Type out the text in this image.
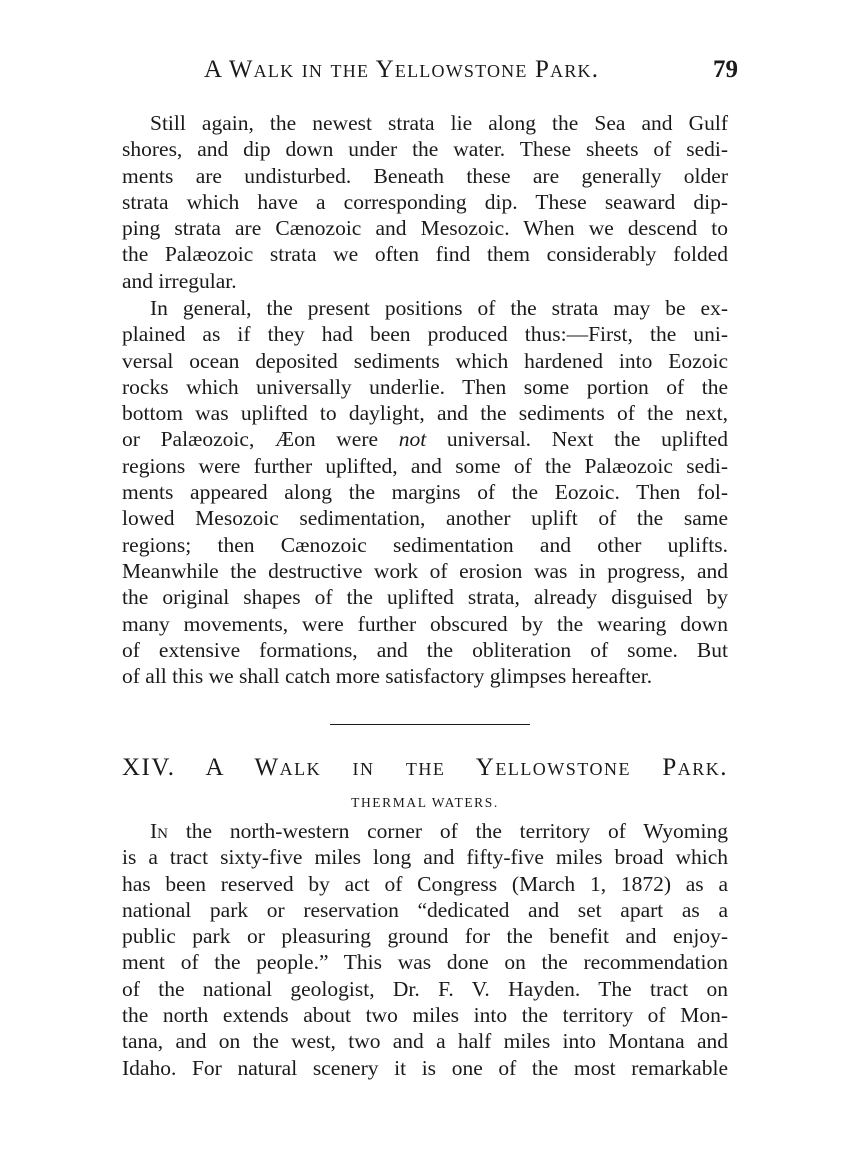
A Walk in the Yellowstone Park.	79
Still again, the newest strata lie along the Sea and Gulf
shores, and dip down under the water. These sheets of sedi-
ments are undisturbed. Beneath these are generally older
strata which have a corresponding dip. These seaward dip-
ping strata are Cænozoic and Mesozoic. When we descend to
the Palæozoic strata we often find them considerably folded
and irregular.
In general, the present positions of the strata may be ex-
plained as if they had been produced thus:—First, the uni-
versal ocean deposited sediments which hardened into Eozoic
rocks which universally underlie. Then some portion of the
bottom was uplifted to daylight, and the sediments of the next,
or Palæozoic, Æon were not universal. Next the uplifted
regions were further uplifted, and some of the Palæozoic sedi-
ments appeared along the margins of the Eozoic. Then fol-
lowed Mesozoic sedimentation, another uplift of the same
regions; then Cænozoic sedimentation and other uplifts.
Meanwhile the destructive work of erosion was in progress, and
the original shapes of the uplifted strata, already disguised by
many movements, were further obscured by the wearing down
of extensive formations, and the obliteration of some. But
of all this we shall catch more satisfactory glimpses hereafter.
XIV. A Walk in the Yellowstone Park.
THERMAL WATERS.
In the north-western corner of the territory of Wyoming
is a tract sixty-five miles long and fifty-five miles broad which
has been reserved by act of Congress (March 1, 1872) as a
national park or reservation “dedicated and set apart as a
public park or pleasuring ground for the benefit and enjoy-
ment of the people.” This was done on the recommendation
of the national geologist, Dr. F. V. Hayden. The tract on
the north extends about two miles into the territory of Mon-
tana, and on the west, two and a half miles into Montana and
Idaho. For natural scenery it is one of the most remarkable
